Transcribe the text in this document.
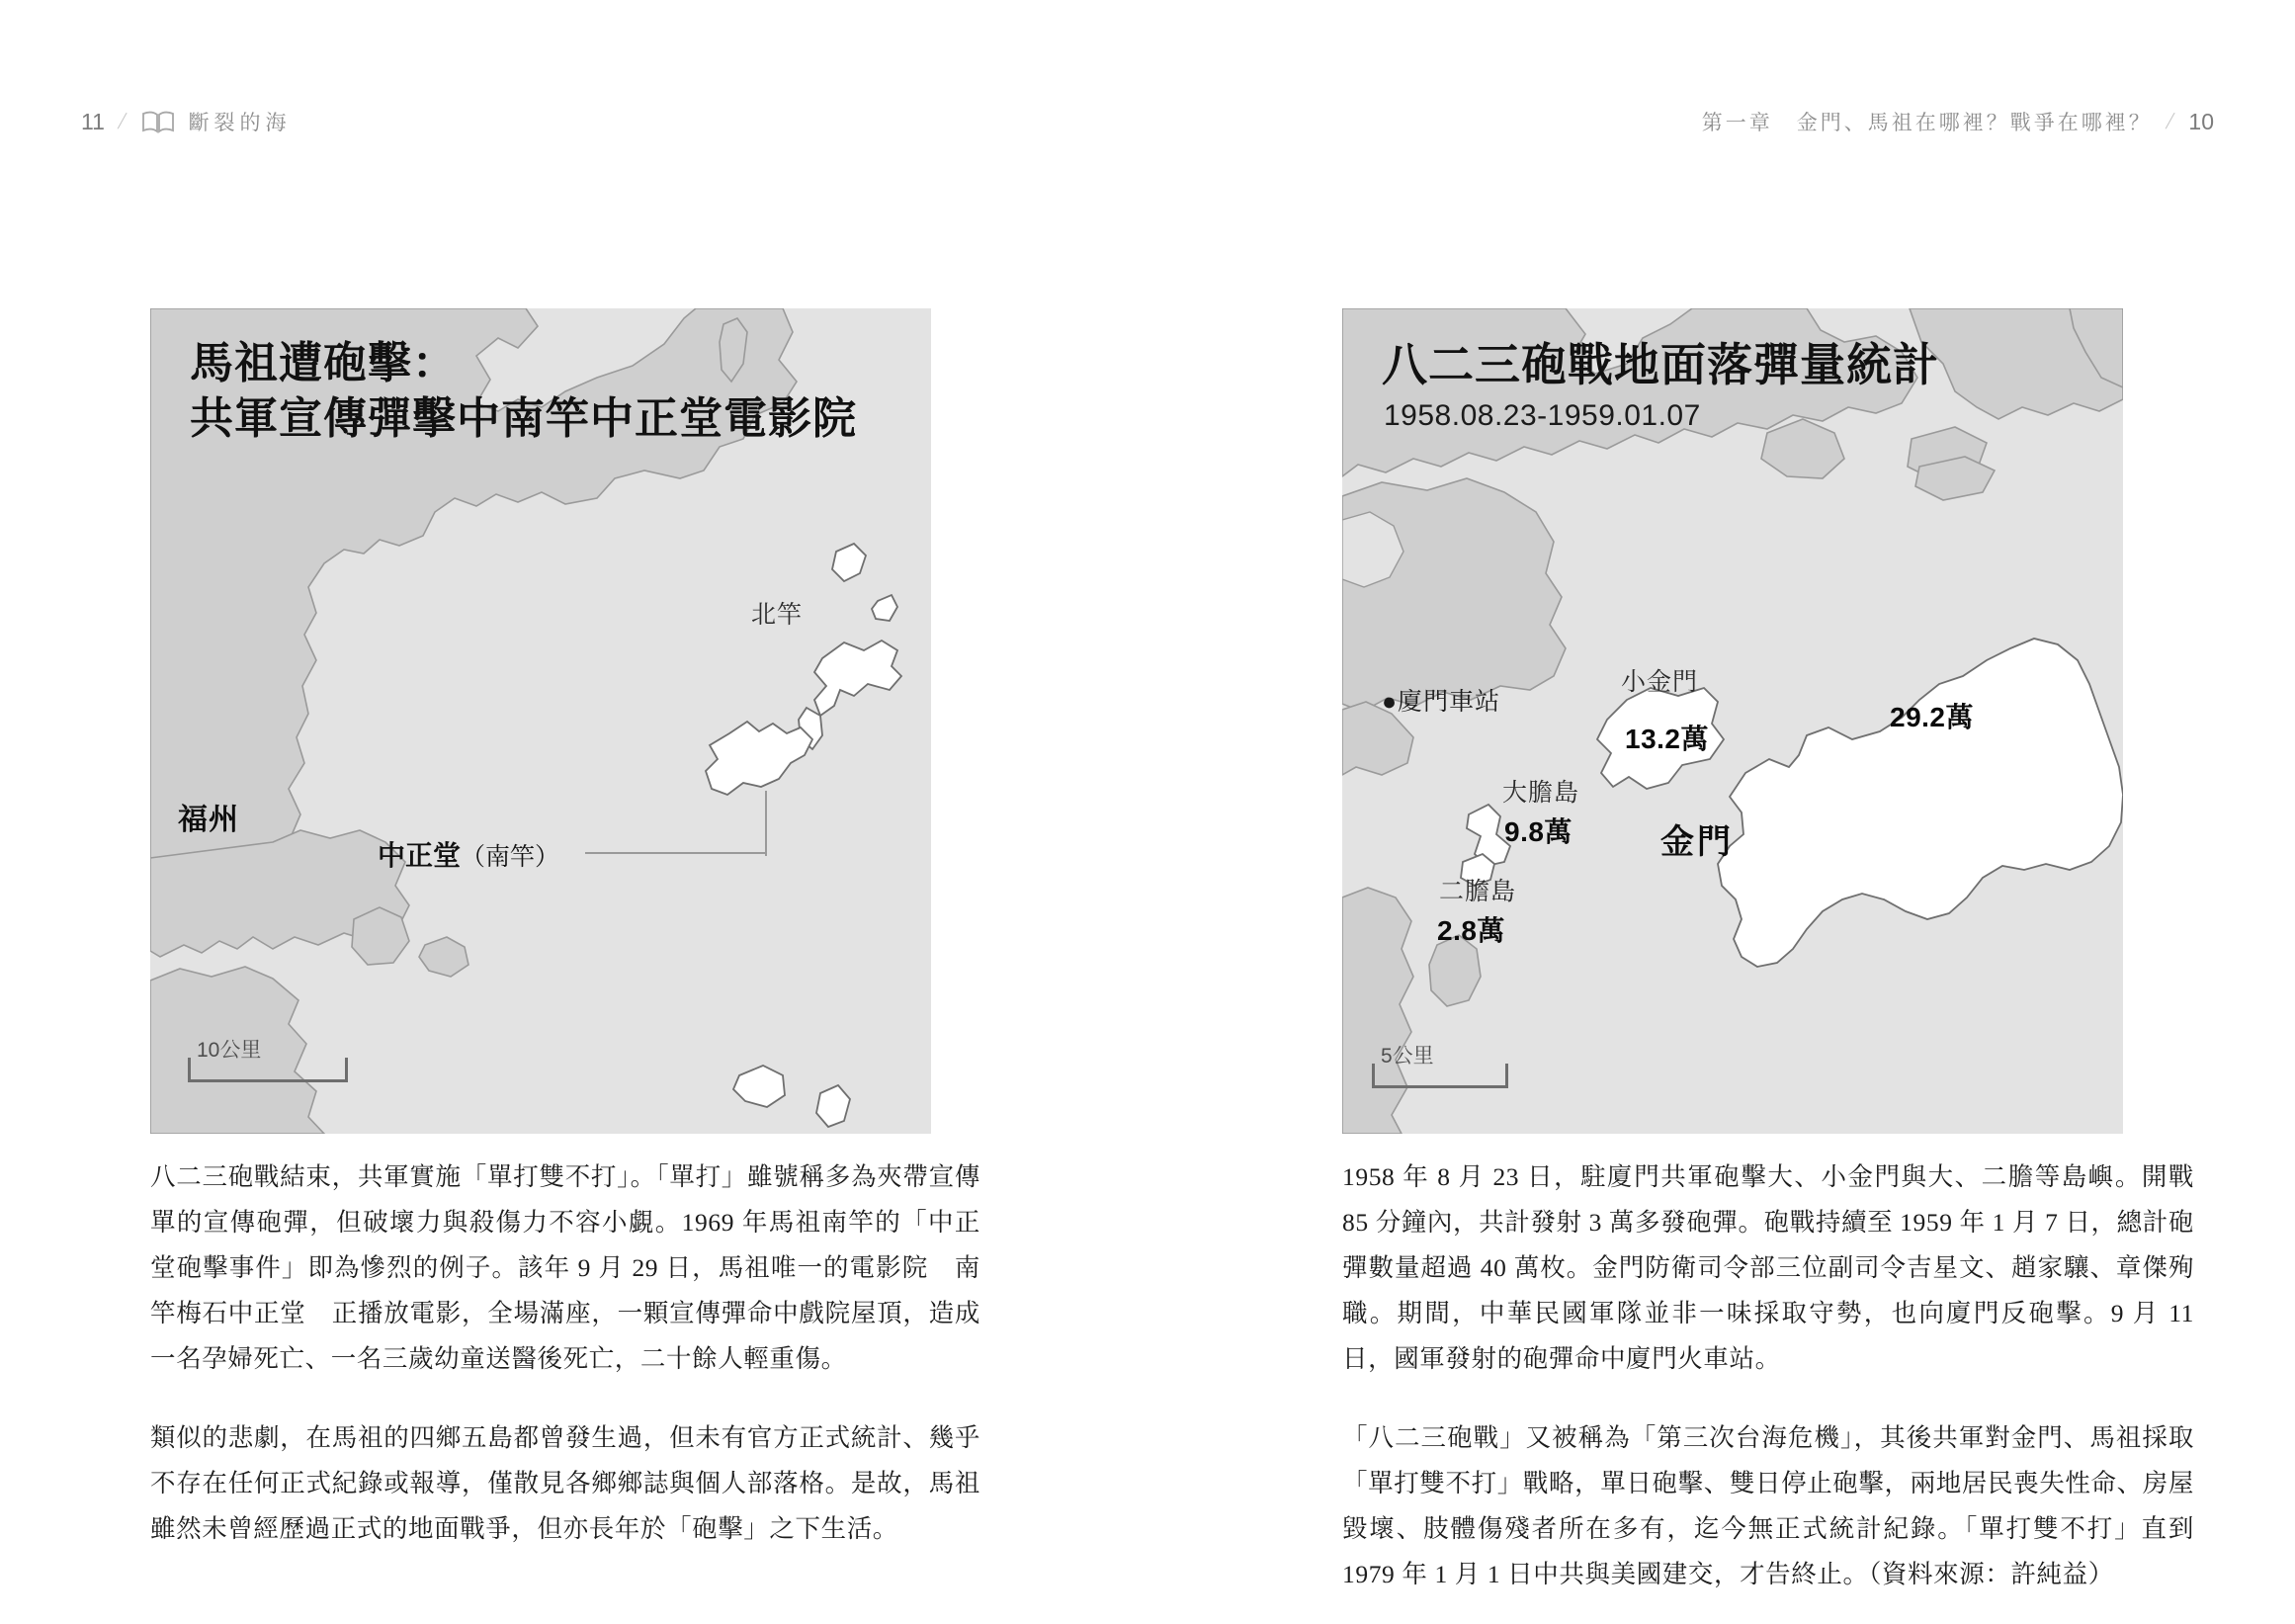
11 /	斷裂的海
馬祖遭砲擊：
共軍宣傳彈擊中南竿中正堂電影院
福州
北竿
中正堂（南竿）
10公里

八二三砲戰結束，共軍實施「單打雙不打」。「單打」雖號稱多為夾帶宣傳單的宣傳砲彈，但破壞力與殺傷力不容小覷。1969 年馬祖南竿的「中正堂砲擊事件」即為慘烈的例子。該年 9 月 29 日，馬祖唯一的電影院　南竿梅石中正堂　正播放電影，全場滿座，一顆宣傳彈命中戲院屋頂，造成一名孕婦死亡、一名三歲幼童送醫後死亡，二十餘人輕重傷。

類似的悲劇，在馬祖的四鄉五島都曾發生過，但未有官方正式統計、幾乎不存在任何正式紀錄或報導，僅散見各鄉鄉誌與個人部落格。是故，馬祖雖然未曾經歷過正式的地面戰爭，但亦長年於「砲擊」之下生活。

第一章　金門、馬祖在哪裡？戰爭在哪裡？ / 10
八二三砲戰地面落彈量統計
1958.08.23-1959.01.07
●廈門車站
小金門
13.2萬
大膽島
9.8萬
二膽島
2.8萬
金門
29.2萬
5公里

1958 年 8 月 23 日，駐廈門共軍砲擊大、小金門與大、二膽等島嶼。開戰 85 分鐘內，共計發射 3 萬多發砲彈。砲戰持續至 1959 年 1 月 7 日，總計砲彈數量超過 40 萬枚。金門防衛司令部三位副司令吉星文、趙家驤、章傑殉職。期間，中華民國軍隊並非一味採取守勢，也向廈門反砲擊。9 月 11 日，國軍發射的砲彈命中廈門火車站。

「八二三砲戰」又被稱為「第三次台海危機」，其後共軍對金門、馬祖採取「單打雙不打」戰略，單日砲擊、雙日停止砲擊，兩地居民喪失性命、房屋毀壞、肢體傷殘者所在多有，迄今無正式統計紀錄。「單打雙不打」直到 1979 年 1 月 1 日中共與美國建交，才告終止。（資料來源：許純益）
